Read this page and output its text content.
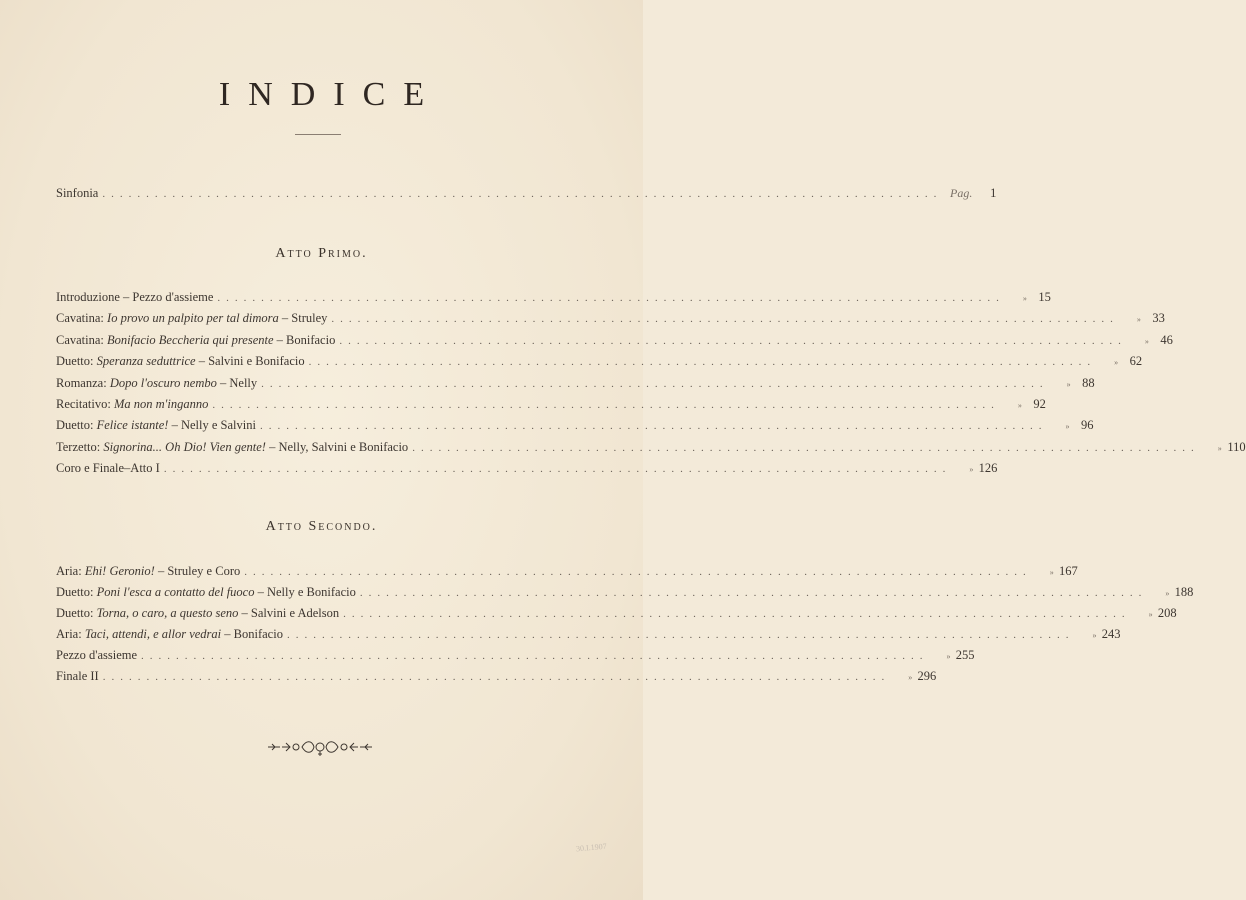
INDICE
Sinfonia ................................................................................................ Pag.	1
Atto Primo.
Introduzione – Pezzo d'assieme ..........................................................................................	» 15
Cavatina: Io provo un palpito per tal dimora – Struley ..........................................................................................	» 33
Cavatina: Bonifacio Beccheria qui presente – Bonifacio ..........................................................................................	» 46
Duetto: Speranza seduttrice – Salvini e Bonifacio ..........................................................................................	» 62
Romanza: Dopo l'oscuro nembo – Nelly ..........................................................................................	» 88
Recitativo: Ma non m'inganno ..........................................................................................	» 92
Duetto: Felice istante! – Nelly e Salvini ..........................................................................................	» 96
Terzetto: Signorina... Oh Dio! Vien gente! – Nelly, Salvini e Bonifacio ..........................................................................................	» 110
Coro e Finale–Atto I ..........................................................................................	» 126
Atto Secondo.
Aria: Ehi! Geronio! – Struley e Coro ..........................................................................................	» 167
Duetto: Poni l'esca a contatto del fuoco – Nelly e Bonifacio ..........................................................................................	» 188
Duetto: Torna, o caro, a questo seno – Salvini e Adelson ..........................................................................................	» 208
Aria: Taci, attendi, e allor vedrai – Bonifacio ..........................................................................................	» 243
Pezzo d'assieme ..........................................................................................	» 255
Finale II ..........................................................................................	» 296
30.I.1907
